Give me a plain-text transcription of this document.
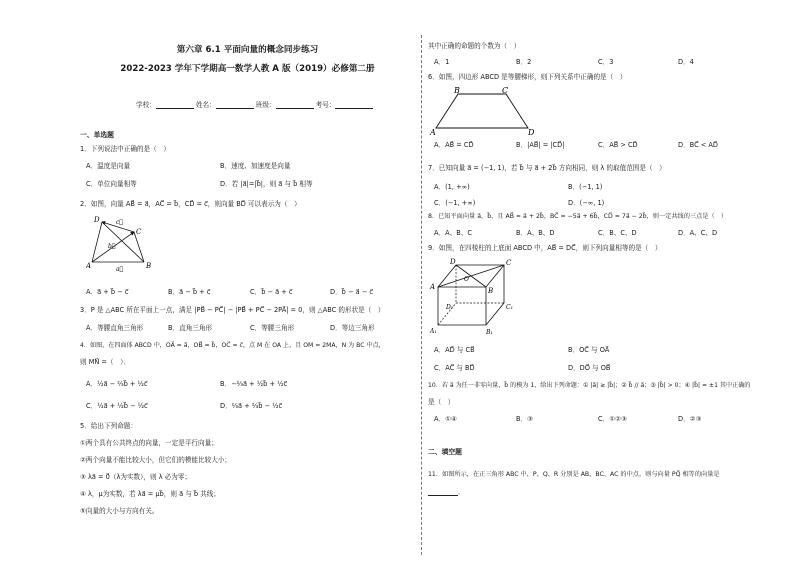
第六章 6.1 平面向量的概念同步练习
2022-2023 学年下学期高一数学人教 A 版（2019）必修第二册
学校：	姓名：	班级：	考号：
一、单选题
1．下列说法中正确的是（　）
A．温度是向量	B．速度、加速度是向量
C．单位向量相等	D．若 |a⃗|=|b⃗|，则 a⃗ 与 b⃗ 相等
2．如图，向量 AB⃗ = a⃗，AC⃗ = b⃗，CD⃗ = c⃗，则向量 BD⃗ 可以表示为（　）
D
C
A	B
c⃗
b⃗
a⃗
A．a⃗ + b⃗ − c⃗	B．a⃗ − b⃗ + c⃗	C．b⃗ − a⃗ + c⃗	D．b⃗ − a⃗ − c⃗
3．P 是 △ABC 所在平面上一点，满足 |PB⃗ − PC⃗| − |PB⃗ + PC⃗ − 2PA⃗| = 0，则 △ABC 的形状是（　）
A．等腰直角三角形	B．直角三角形	C．等腰三角形	D．等边三角形
4．如图，在四面体 ABCD 中，OA⃗ = a⃗，OB⃗ = b⃗，OC⃗ = c⃗，点 M 在 OA 上，且 OM = 2MA，N 为 BC 中点，
则 MN⃗ =（　）．
A．½a⃗ − ⅔b⃗ + ½c⃗	B．−⅔a⃗ + ½b⃗ + ½c⃗
C．½a⃗ + ½b⃗ − ½c⃗	D．⅔a⃗ + ⅔b⃗ − ½c⃗
5．给出下列命题：
①两个具有公共终点的向量，一定是平行向量；
②两个向量不能比较大小，但它们的模能比较大小；
③ λa⃗ = 0⃗（λ为实数），则 λ 必为零；
④ λ，μ为实数，若 λa⃗ = μb⃗，则 a⃗ 与 b⃗ 共线；
⑤向量的大小与方向有关。
其中正确的命题的个数为（　）
A．1	B．2	C．3	D．4
6．如图，四边形 ABCD 是等腰梯形，则下列关系中正确的是（　）
B	C
A	D
A．AB⃗ = CD⃗	B．|AB⃗| = |CD⃗|	C．AB⃗ > CD⃗	D．BC⃗ < AD⃗
7．已知向量 a⃗ = (−1, 1)，若 b⃗ 与 a⃗ + 2b⃗ 方向相同，则 λ 的取值范围是（　）
A．(1, +∞)	B．(−1, 1)
C．(−1, +∞)	D．(−∞, 1)
8．已知平面向量 a⃗，b⃗，且 AB⃗ = a⃗ + 2b⃗，BC⃗ = −5a⃗ + 6b⃗，CD⃗ = 7a⃗ − 2b⃗，则一定共线的三点是（　）
A．A、B、C	B．A、B、D	C．B、C、D	D．A、C、D
9．如图，在四棱柱的上底面 ABCD 中，AB⃗ = DC⃗，则下列向量相等的是（　）
D	C
A	B
O
D₁	C₁
A₁	B₁
A．AD⃗ 与 CB⃗	B．OC⃗ 与 OA⃗
C．AC⃗ 与 BD⃗	D．DO⃗ 与 OB⃗
10．若 a⃗ 为任一非零向量，b⃗ 的模为 1，给出下列命题：① |a⃗| ≥ |b⃗|；② b⃗ // a⃗；③ |b⃗| > 0；④ |b⃗| = ±1 其中正确的
是（　）
A．①④	B．③	C．①②③	D．②③
二、填空题
11．如图所示，在正三角形 ABC 中，P、Q、R 分别是 AB、BC、AC 的中点，则与向量 PQ⃗ 相等的向量是
．
